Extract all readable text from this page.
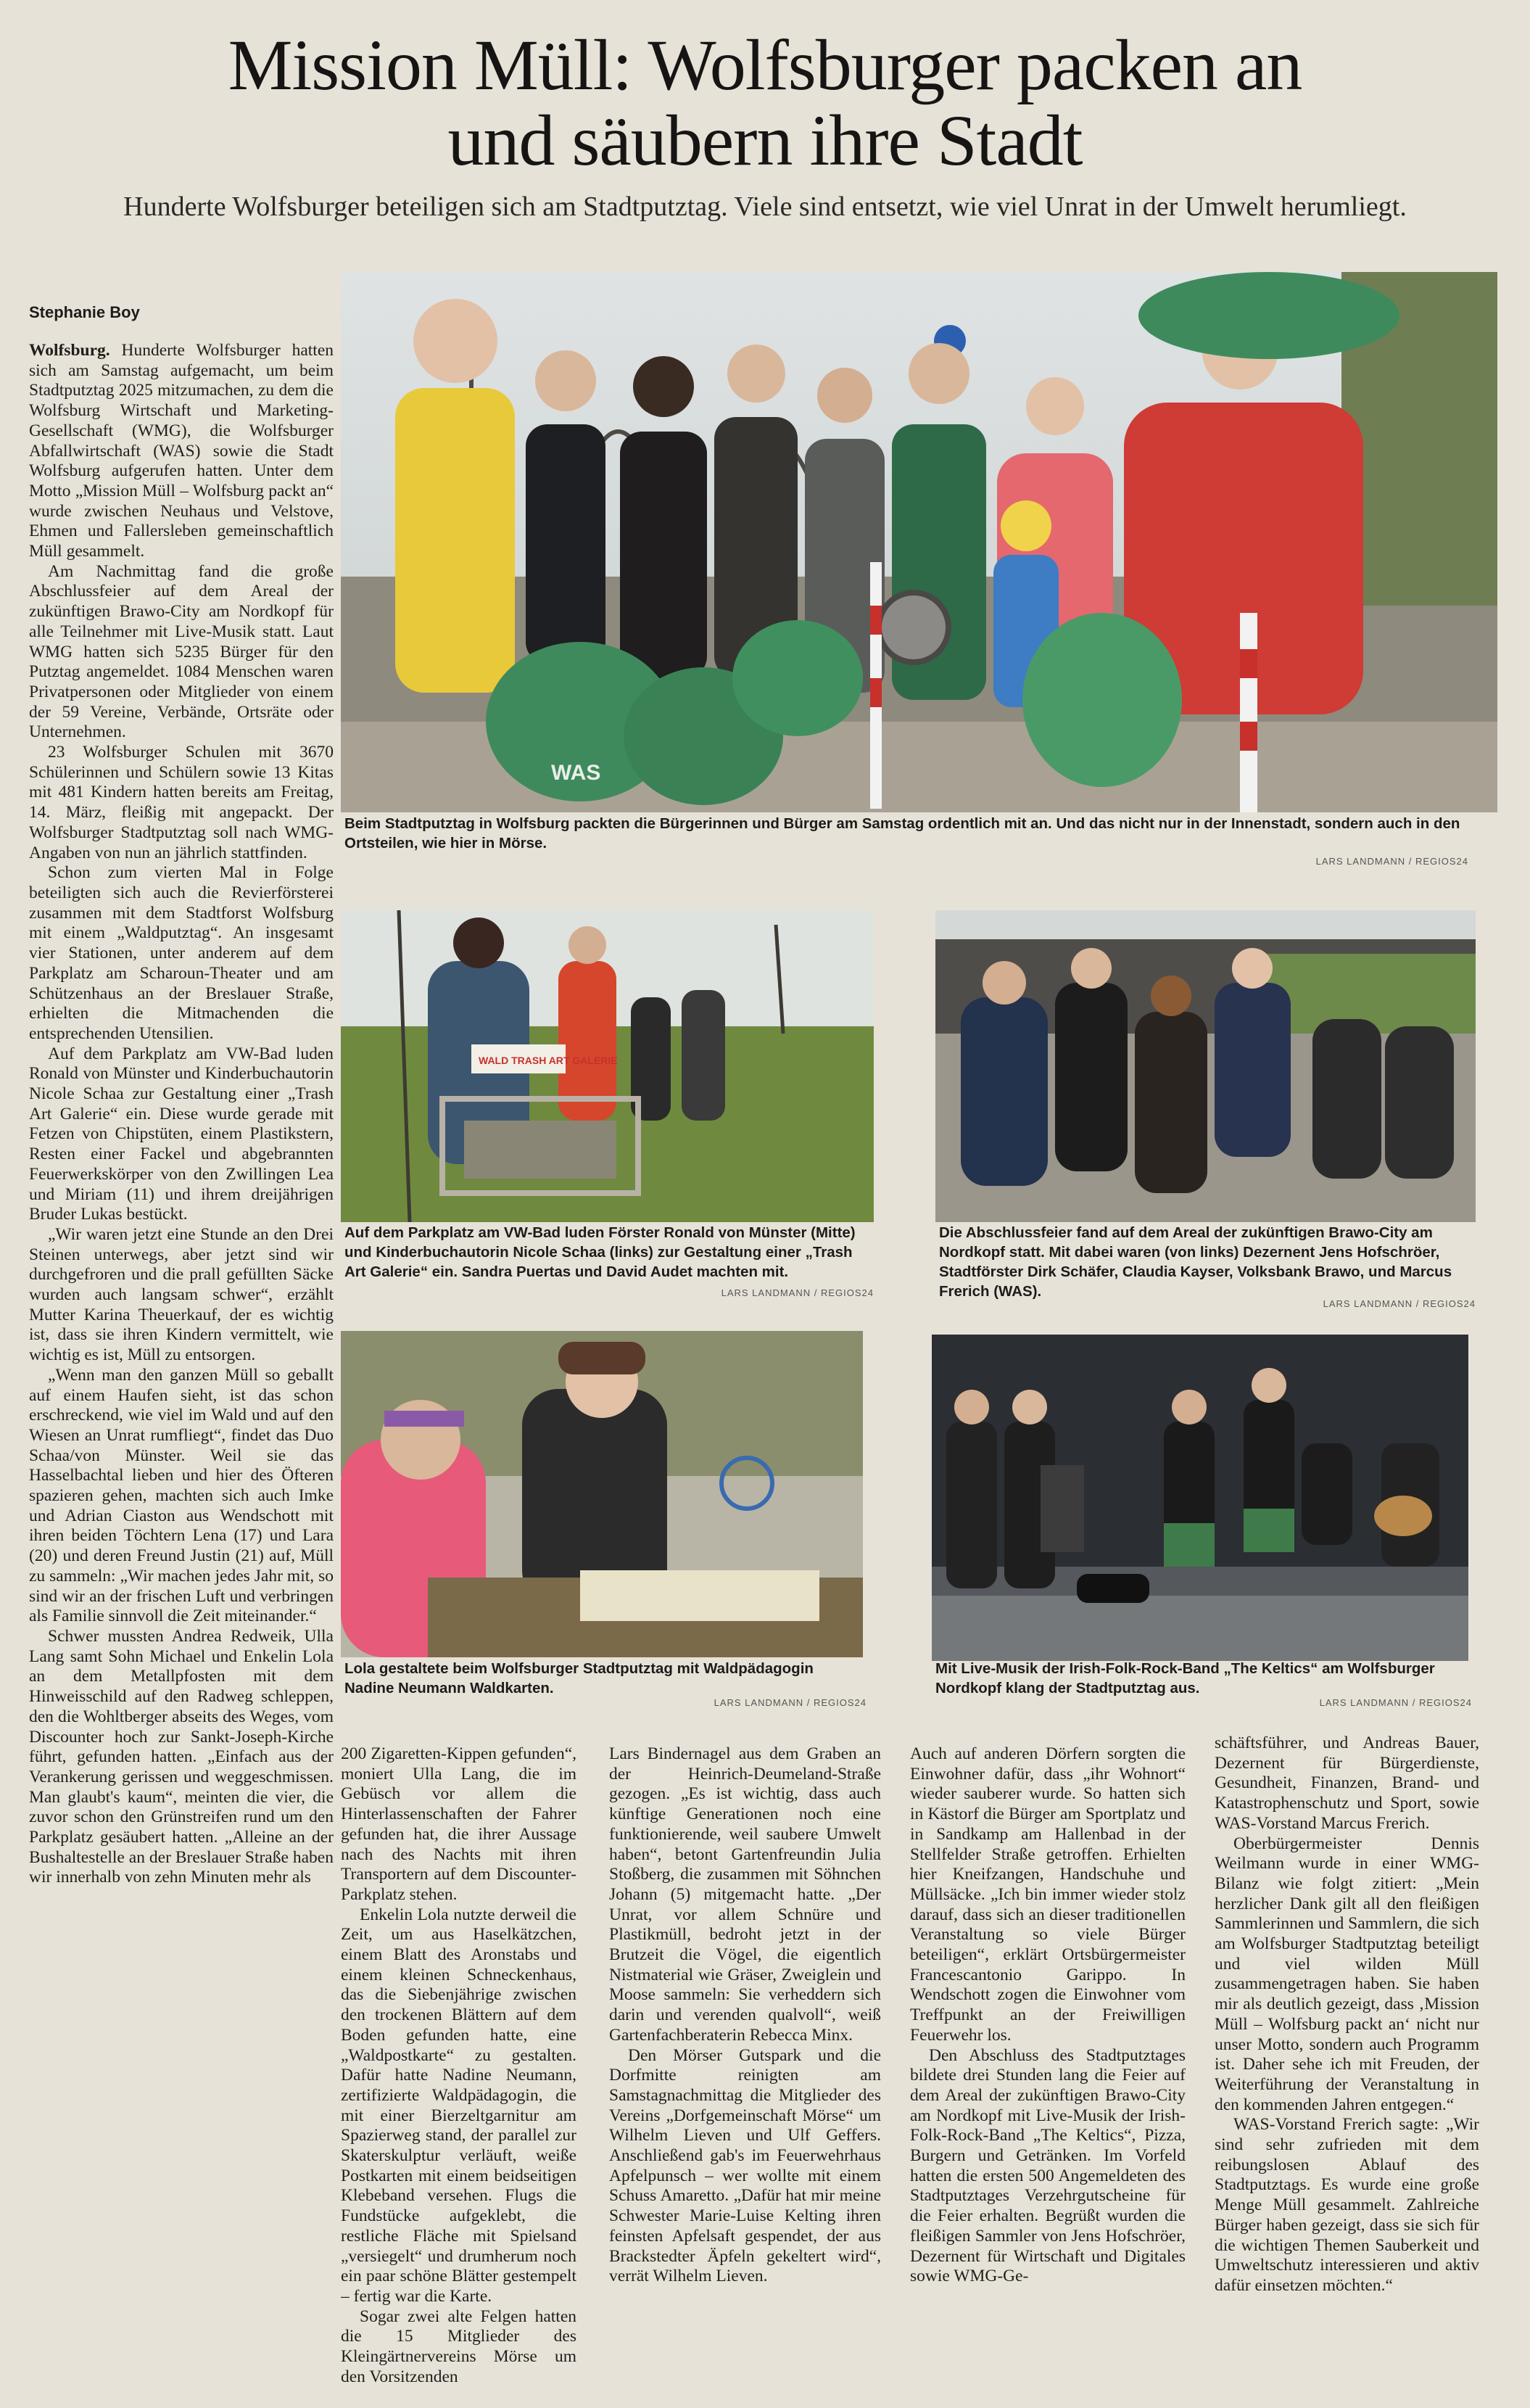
Mission Müll: Wolfsburger packen an
und säubern ihre Stadt
Hunderte Wolfsburger beteiligen sich am Stadtputztag. Viele sind entsetzt, wie viel Unrat in der Umwelt herumliegt.
Stephanie Boy

Wolfsburg. Hunderte Wolfsburger hatten sich am Samstag aufgemacht, um beim Stadtputztag 2025 mitzumachen, zu dem die Wolfsburg Wirtschaft und Marketing-Gesellschaft (WMG), die Wolfsburger Abfallwirtschaft (WAS) sowie die Stadt Wolfsburg aufgerufen hatten. Unter dem Motto „Mission Müll – Wolfsburg packt an“ wurde zwischen Neuhaus und Velstove, Ehmen und Fallersleben gemeinschaftlich Müll gesammelt.

Am Nachmittag fand die große Abschlussfeier auf dem Areal der zukünftigen Brawo-City am Nordkopf für alle Teilnehmer mit Live-Musik statt. Laut WMG hatten sich 5235 Bürger für den Putztag angemeldet. 1084 Menschen waren Privatpersonen oder Mitglieder von einem der 59 Vereine, Verbände, Ortsräte oder Unternehmen.

23 Wolfsburger Schulen mit 3670 Schülerinnen und Schülern sowie 13 Kitas mit 481 Kindern hatten bereits am Freitag, 14. März, fleißig mit angepackt. Der Wolfsburger Stadtputztag soll nach WMG-Angaben von nun an jährlich stattfinden.

Schon zum vierten Mal in Folge beteiligten sich auch die Revierförsterei zusammen mit dem Stadtforst Wolfsburg mit einem „Waldputztag“. An insgesamt vier Stationen, unter anderem auf dem Parkplatz am Scharoun-Theater und am Schützenhaus an der Breslauer Straße, erhielten die Mitmachenden die entsprechenden Utensilien.

Auf dem Parkplatz am VW-Bad luden Ronald von Münster und Kinderbuchautorin Nicole Schaa zur Gestaltung einer „Trash Art Galerie“ ein. Diese wurde gerade mit Fetzen von Chipstüten, einem Plastikstern, Resten einer Fackel und abgebrannten Feuerwerkskörper von den Zwillingen Lea und Miriam (11) und ihrem dreijährigen Bruder Lukas bestückt.

„Wir waren jetzt eine Stunde an den Drei Steinen unterwegs, aber jetzt sind wir durchgefroren und die prall gefüllten Säcke wurden auch langsam schwer“, erzählt Mutter Karina Theuerkauf, der es wichtig ist, dass sie ihren Kindern vermittelt, wie wichtig es ist, Müll zu entsorgen.

„Wenn man den ganzen Müll so geballt auf einem Haufen sieht, ist das schon erschreckend, wie viel im Wald und auf den Wiesen an Unrat rumfliegt“, findet das Duo Schaa/von Münster. Weil sie das Hasselbachtal lieben und hier des Öfteren spazieren gehen, machten sich auch Imke und Adrian Ciaston aus Wendschott mit ihren beiden Töchtern Lena (17) und Lara (20) und deren Freund Justin (21) auf, Müll zu sammeln: „Wir machen jedes Jahr mit, so sind wir an der frischen Luft und verbringen als Familie sinnvoll die Zeit miteinander.“

Schwer mussten Andrea Redweik, Ulla Lang samt Sohn Michael und Enkelin Lola an dem Metallpfosten mit dem Hinweisschild auf den Radweg schleppen, den die Wohltberger abseits des Weges, vom Discounter hoch zur Sankt-Joseph-Kirche führt, gefunden hatten. „Einfach aus der Verankerung gerissen und weggeschmissen. Man glaubt's kaum“, meinten die vier, die zuvor schon den Grünstreifen rund um den Parkplatz gesäubert hatten. „Alleine an der Bushaltestelle an der Breslauer Straße haben wir innerhalb von zehn Minuten mehr als

WAS
Beim Stadtputztag in Wolfsburg packten die Bürgerinnen und Bürger am Samstag ordentlich mit an. Und das nicht nur in der Innenstadt, sondern auch in den Ortsteilen, wie hier in Mörse.
LARS LANDMANN / REGIOS24
WALD TRASH ART GALERIE
Auf dem Parkplatz am VW-Bad luden Förster Ronald von Münster (Mitte) und Kinderbuchautorin Nicole Schaa (links) zur Gestaltung einer „Trash Art Galerie“ ein. Sandra Puertas und David Audet machten mit.
LARS LANDMANN / REGIOS24
Die Abschlussfeier fand auf dem Areal der zukünftigen Brawo-City am Nordkopf statt. Mit dabei waren (von links) Dezernent Jens Hofschröer, Stadtförster Dirk Schäfer, Claudia Kayser, Volksbank Brawo, und Marcus Frerich (WAS).
LARS LANDMANN / REGIOS24
Lola gestaltete beim Wolfsburger Stadtputztag mit Waldpädagogin Nadine Neumann Waldkarten.
LARS LANDMANN / REGIOS24
Mit Live-Musik der Irish-Folk-Rock-Band „The Keltics“ am Wolfsburger Nordkopf klang der Stadtputztag aus.
LARS LANDMANN / REGIOS24

200 Zigaretten-Kippen gefunden“, moniert Ulla Lang, die im Gebüsch vor allem die Hinterlassenschaften der Fahrer gefunden hat, die ihrer Aussage nach des Nachts mit ihren Transportern auf dem Discounter-Parkplatz stehen.

Enkelin Lola nutzte derweil die Zeit, um aus Haselkätzchen, einem Blatt des Aronstabs und einem kleinen Schneckenhaus, das die Siebenjährige zwischen den trockenen Blättern auf dem Boden gefunden hatte, eine „Waldpostkarte“ zu gestalten. Dafür hatte Nadine Neumann, zertifizierte Waldpädagogin, die mit einer Bierzeltgarnitur am Spazierweg stand, der parallel zur Skaterskulptur verläuft, weiße Postkarten mit einem beidseitigen Klebeband versehen. Flugs die Fundstücke aufgeklebt, die restliche Fläche mit Spielsand „versiegelt“ und drumherum noch ein paar schöne Blätter gestempelt – fertig war die Karte.

Sogar zwei alte Felgen hatten die 15 Mitglieder des Kleingärtnervereins Mörse um den Vorsitzenden

Lars Bindernagel aus dem Graben an der Heinrich-Deumeland-Straße gezogen. „Es ist wichtig, dass auch künftige Generationen noch eine funktionierende, weil saubere Umwelt haben“, betont Gartenfreundin Julia Stoßberg, die zusammen mit Söhnchen Johann (5) mitgemacht hatte. „Der Unrat, vor allem Schnüre und Plastikmüll, bedroht jetzt in der Brutzeit die Vögel, die eigentlich Nistmaterial wie Gräser, Zweiglein und Moose sammeln: Sie verheddern sich darin und verenden qualvoll“, weiß Gartenfachberaterin Rebecca Minx.

Den Mörser Gutspark und die Dorfmitte reinigten am Samstagnachmittag die Mitglieder des Vereins „Dorfgemeinschaft Mörse“ um Wilhelm Lieven und Ulf Geffers. Anschließend gab's im Feuerwehrhaus Apfelpunsch – wer wollte mit einem Schuss Amaretto. „Dafür hat mir meine Schwester Marie-Luise Kelting ihren feinsten Apfelsaft gespendet, der aus Brackstedter Äpfeln gekeltert wird“, verrät Wilhelm Lieven.

Auch auf anderen Dörfern sorgten die Einwohner dafür, dass „ihr Wohnort“ wieder sauberer wurde. So hatten sich in Kästorf die Bürger am Sportplatz und in Sandkamp am Hallenbad in der Stellfelder Straße getroffen. Erhielten hier Kneifzangen, Handschuhe und Müllsäcke. „Ich bin immer wieder stolz darauf, dass sich an dieser traditionellen Veranstaltung so viele Bürger beteiligen“, erklärt Ortsbürgermeister Francescantonio Garippo. In Wendschott zogen die Einwohner vom Treffpunkt an der Freiwilligen Feuerwehr los.

Den Abschluss des Stadtputztages bildete drei Stunden lang die Feier auf dem Areal der zukünftigen Brawo-City am Nordkopf mit Live-Musik der Irish-Folk-Rock-Band „The Keltics“, Pizza, Burgern und Getränken. Im Vorfeld hatten die ersten 500 Angemeldeten des Stadtputztages Verzehrgutscheine für die Feier erhalten. Begrüßt wurden die fleißigen Sammler von Jens Hofschröer, Dezernent für Wirtschaft und Digitales sowie WMG-Ge-

schäftsführer, und Andreas Bauer, Dezernent für Bürgerdienste, Gesundheit, Finanzen, Brand- und Katastrophenschutz und Sport, sowie WAS-Vorstand Marcus Frerich.

Oberbürgermeister Dennis Weilmann wurde in einer WMG-Bilanz wie folgt zitiert: „Mein herzlicher Dank gilt all den fleißigen Sammlerinnen und Sammlern, die sich am Wolfsburger Stadtputztag beteiligt und viel wilden Müll zusammengetragen haben. Sie haben mir als deutlich gezeigt, dass ‚Mission Müll – Wolfsburg packt an‘ nicht nur unser Motto, sondern auch Programm ist. Daher sehe ich mit Freuden, der Weiterführung der Veranstaltung in den kommenden Jahren entgegen.“

WAS-Vorstand Frerich sagte: „Wir sind sehr zufrieden mit dem reibungslosen Ablauf des Stadtputztags. Es wurde eine große Menge Müll gesammelt. Zahlreiche Bürger haben gezeigt, dass sie sich für die wichtigen Themen Sauberkeit und Umweltschutz interessieren und aktiv dafür einsetzen möchten.“
